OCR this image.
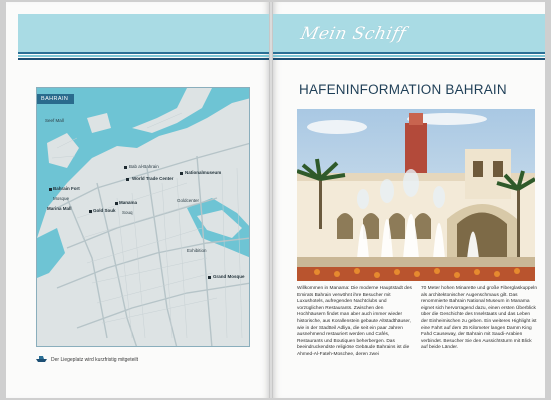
BAHRAIN
Bab al-Bahrain
World Trade Center
Nationalmuseum
Goldcenter
Bahrain Fort
Manama
Souq
Gold Souk
Grand Mosque
Mosque
Exhibition
Marina Mall
Seef Mall
Der Liegeplatz wird kurzfristig mitgeteilt
Mein Schiff
HAFENINFORMATION BAHRAIN
Willkommen in Manama: Die moderne Hauptstadt des Emirats Bahrain verwöhnt ihre Besucher mit Luxushotels, aufregenden Nachtclubs und vorzüglichen Restaurants. Zwischen den Hochhäusern findet man aber auch immer wieder historische, aus Korallenstein gebaute Altstadthäuser, wie in der Stadtteil Adliya, die seit ein paar Jahren ausnehmend restauriert werden und Cafés, Restaurants und Boutiquen beherbergen. Das beeindruckendste religiöse Gebäude Bahrains ist die Ahmed-Al-Fateh-Moschee, deren zwei
70 Meter hohen Minarette und große Fiberglaskuppeln als architektonischer Augenschmaus gilt. Das renommierte Bahrain National Museum in Manama eignet sich hervorragend dazu, einen ersten Überblick über die Geschichte des Inselstaats und das Leben der Einheimischen zu geben. Ein weiteres Highlight ist eine Fahrt auf dem 25 Kilometer langen Damm King Fahd Causeway, der Bahrain mit Saudi-Arabien verbindet. Besucher Sie den Aussichtsturm mit Blick auf beide Länder.
